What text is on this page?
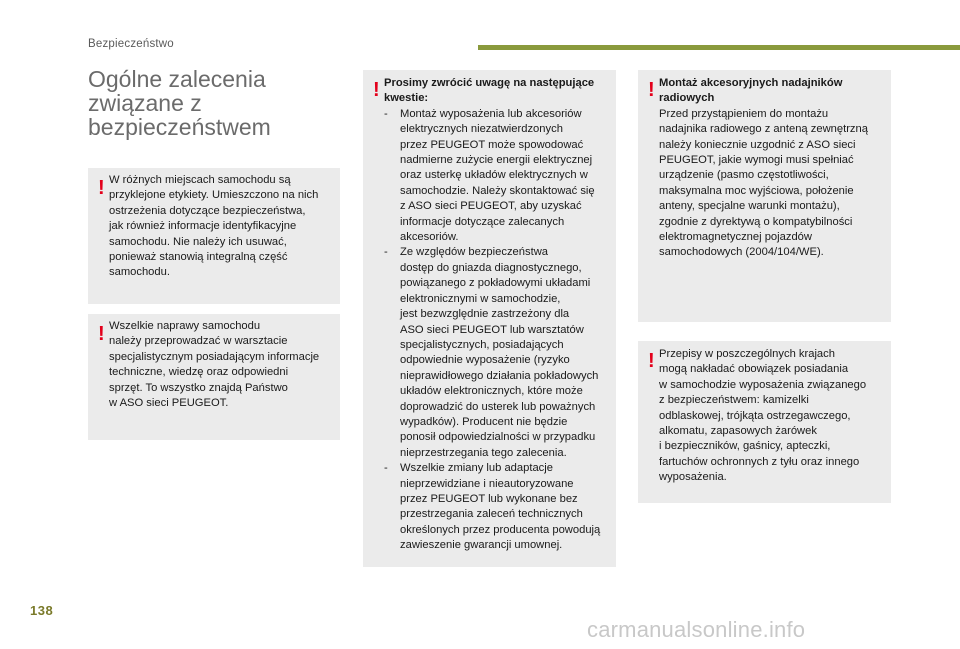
Bezpieczeństwo
Ogólne zalecenia
związane z
bezpieczeństwem
! W różnych miejscach samochodu są
przyklejone etykiety. Umieszczono na nich
ostrzeżenia dotyczące bezpieczeństwa,
jak również informacje identyfikacyjne
samochodu. Nie należy ich usuwać,
ponieważ stanowią integralną część
samochodu.
! Wszelkie naprawy samochodu
należy przeprowadzać w warsztacie
specjalistycznym posiadającym informacje
techniczne, wiedzę oraz odpowiedni
sprzęt. To wszystko znajdą Państwo
w ASO sieci PEUGEOT.
! Prosimy zwrócić uwagę na następujące
kwestie:
- Montaż wyposażenia lub akcesoriów
elektrycznych niezatwierdzonych
przez PEUGEOT może spowodować
nadmierne zużycie energii elektrycznej
oraz usterkę układów elektrycznych w
samochodzie. Należy skontaktować się
z ASO sieci PEUGEOT, aby uzyskać
informacje dotyczące zalecanych
akcesoriów.
- Ze względów bezpieczeństwa
dostęp do gniazda diagnostycznego,
powiązanego z pokładowymi układami
elektronicznymi w samochodzie,
jest bezwzględnie zastrzeżony dla
ASO sieci PEUGEOT lub warsztatów
specjalistycznych, posiadających
odpowiednie wyposażenie (ryzyko
nieprawidłowego działania pokładowych
układów elektronicznych, które może
doprowadzić do usterek lub poważnych
wypadków). Producent nie będzie
ponosił odpowiedzialności w przypadku
nieprzestrzegania tego zalecenia.
- Wszelkie zmiany lub adaptacje
nieprzewidziane i nieautoryzowane
przez PEUGEOT lub wykonane bez
przestrzegania zaleceń technicznych
określonych przez producenta powodują
zawieszenie gwarancji umownej.
! Montaż akcesoryjnych nadajników
radiowych
Przed przystąpieniem do montażu
nadajnika radiowego z anteną zewnętrzną
należy koniecznie uzgodnić z ASO sieci
PEUGEOT, jakie wymogi musi spełniać
urządzenie (pasmo częstotliwości,
maksymalna moc wyjściowa, położenie
anteny, specjalne warunki montażu),
zgodnie z dyrektywą o kompatybilności
elektromagnetycznej pojazdów
samochodowych (2004/104/WE).
! Przepisy w poszczególnych krajach
mogą nakładać obowiązek posiadania
w samochodzie wyposażenia związanego
z bezpieczeństwem: kamizelki
odblaskowej, trójkąta ostrzegawczego,
alkomatu, zapasowych żarówek
i bezpieczników, gaśnicy, apteczki,
fartuchów ochronnych z tyłu oraz innego
wyposażenia.
138
carmanualsonline.info
